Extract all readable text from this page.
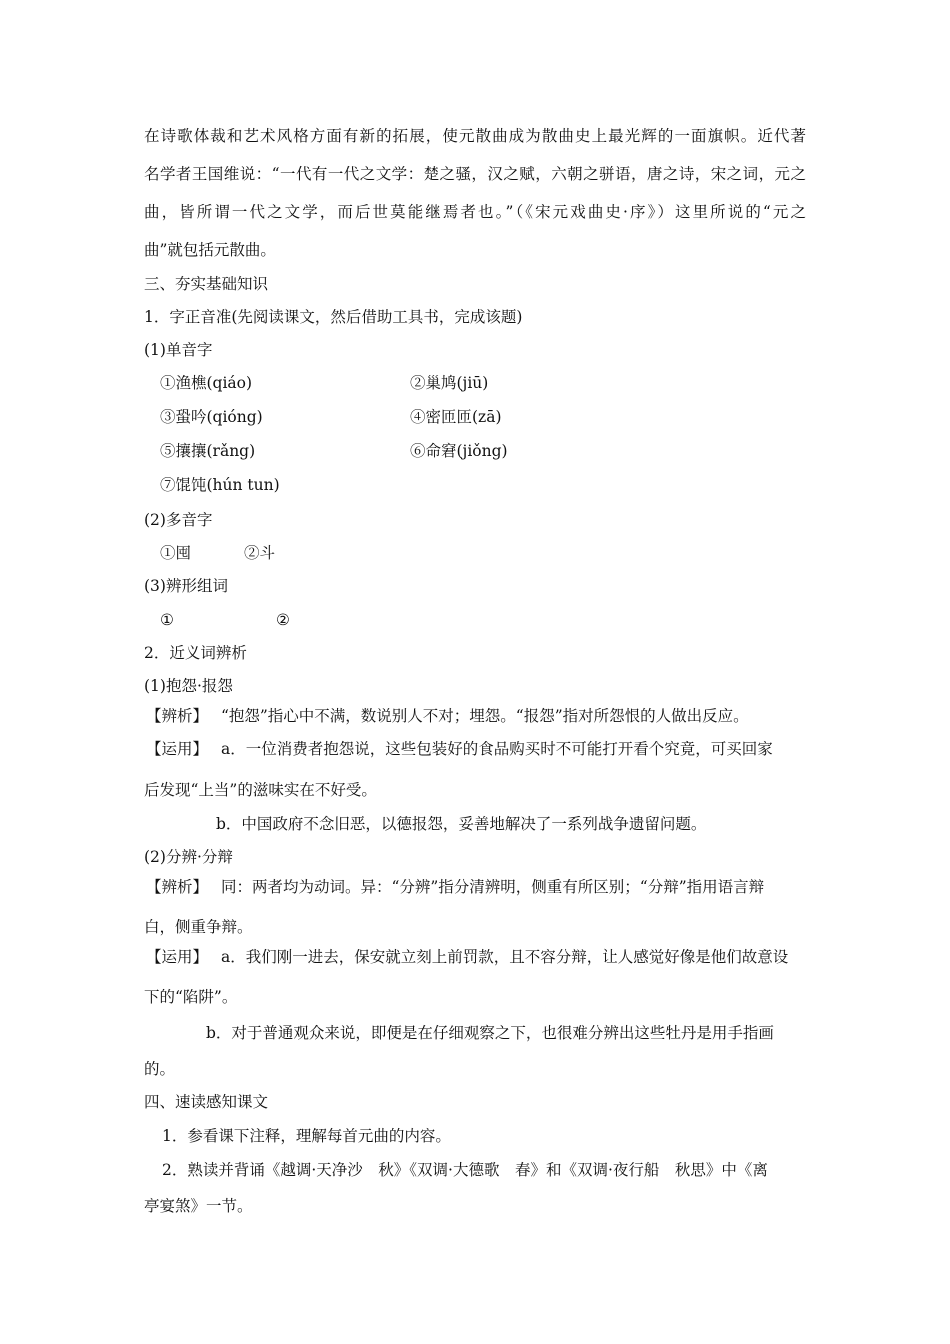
在诗歌体裁和艺术风格方面有新的拓展，使元散曲成为散曲史上最光辉的一面旗帜。近代著
名学者王国维说：“一代有一代之文学：楚之骚，汉之赋，六朝之骈语，唐之诗，宋之词，元之
曲，皆所谓一代之文学，而后世莫能继焉者也。”（《宋元戏曲史·序》）这里所说的“元之
曲”就包括元散曲。
三、夯实基础知识
1．字正音准(先阅读课文，然后借助工具书，完成该题)
(1)单音字
①渔樵(qiáo)	②巢鸠(jiū)
③蛩吟(qióng)	④密匝匝(zā)
⑤攘攘(rǎng)	⑥命窘(jiǒng)
⑦馄饨(hún tun)
(2)多音字
①囤	②斗
(3)辨形组词
①	②
2．近义词辨析
(1)抱怨·报怨
【辨析】 “抱怨”指心中不满，数说别人不对；埋怨。“报怨”指对所怨恨的人做出反应。
【运用】 a．一位消费者抱怨说，这些包装好的食品购买时不可能打开看个究竟，可买回家
后发现“上当”的滋味实在不好受。
b．中国政府不念旧恶，以德报怨，妥善地解决了一系列战争遗留问题。
(2)分辨·分辩
【辨析】 同：两者均为动词。异：“分辨”指分清辨明，侧重有所区别；“分辩”指用语言辩
白，侧重争辩。
【运用】 a．我们刚一进去，保安就立刻上前罚款，且不容分辩，让人感觉好像是他们故意设
下的“陷阱”。
b．对于普通观众来说，即便是在仔细观察之下，也很难分辨出这些牡丹是用手指画
的。
四、速读感知课文
1．参看课下注释，理解每首元曲的内容。
2．熟读并背诵《越调·天净沙　秋》《双调·大德歌　春》和《双调·夜行船　秋思》中《离
亭宴煞》一节。
